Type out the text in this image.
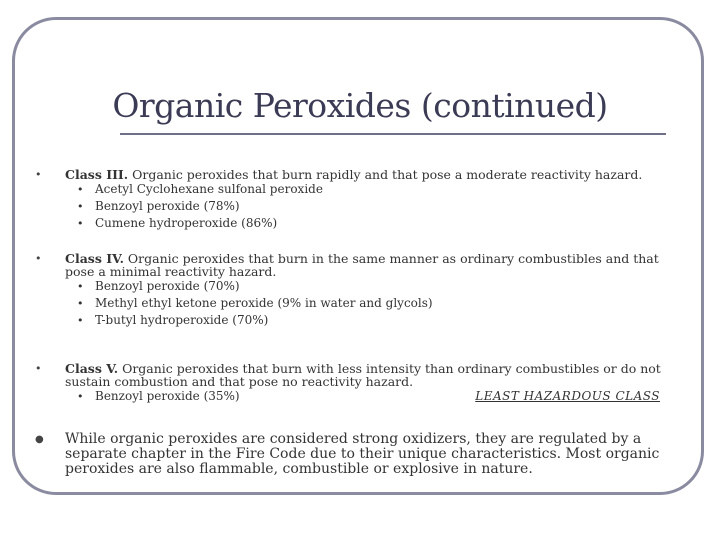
Organic Peroxides (continued)
• Class III. Organic peroxides that burn rapidly and that pose a moderate reactivity hazard.
• Acetyl Cyclohexane sulfonal peroxide
• Benzoyl peroxide (78%)
• Cumene hydroperoxide (86%)
• Class IV. Organic peroxides that burn in the same manner as ordinary combustibles and that pose a minimal reactivity hazard.
• Benzoyl peroxide (70%)
• Methyl ethyl ketone peroxide (9% in water and glycols)
• T-butyl hydroperoxide (70%)
• Class V. Organic peroxides that burn with less intensity than ordinary combustibles or do not sustain combustion and that pose no reactivity hazard.
• Benzoyl peroxide (35%)	LEAST HAZARDOUS CLASS
● While organic peroxides are considered strong oxidizers, they are regulated by a separate chapter in the Fire Code due to their unique characteristics. Most organic peroxides are also flammable, combustible or explosive in nature.
